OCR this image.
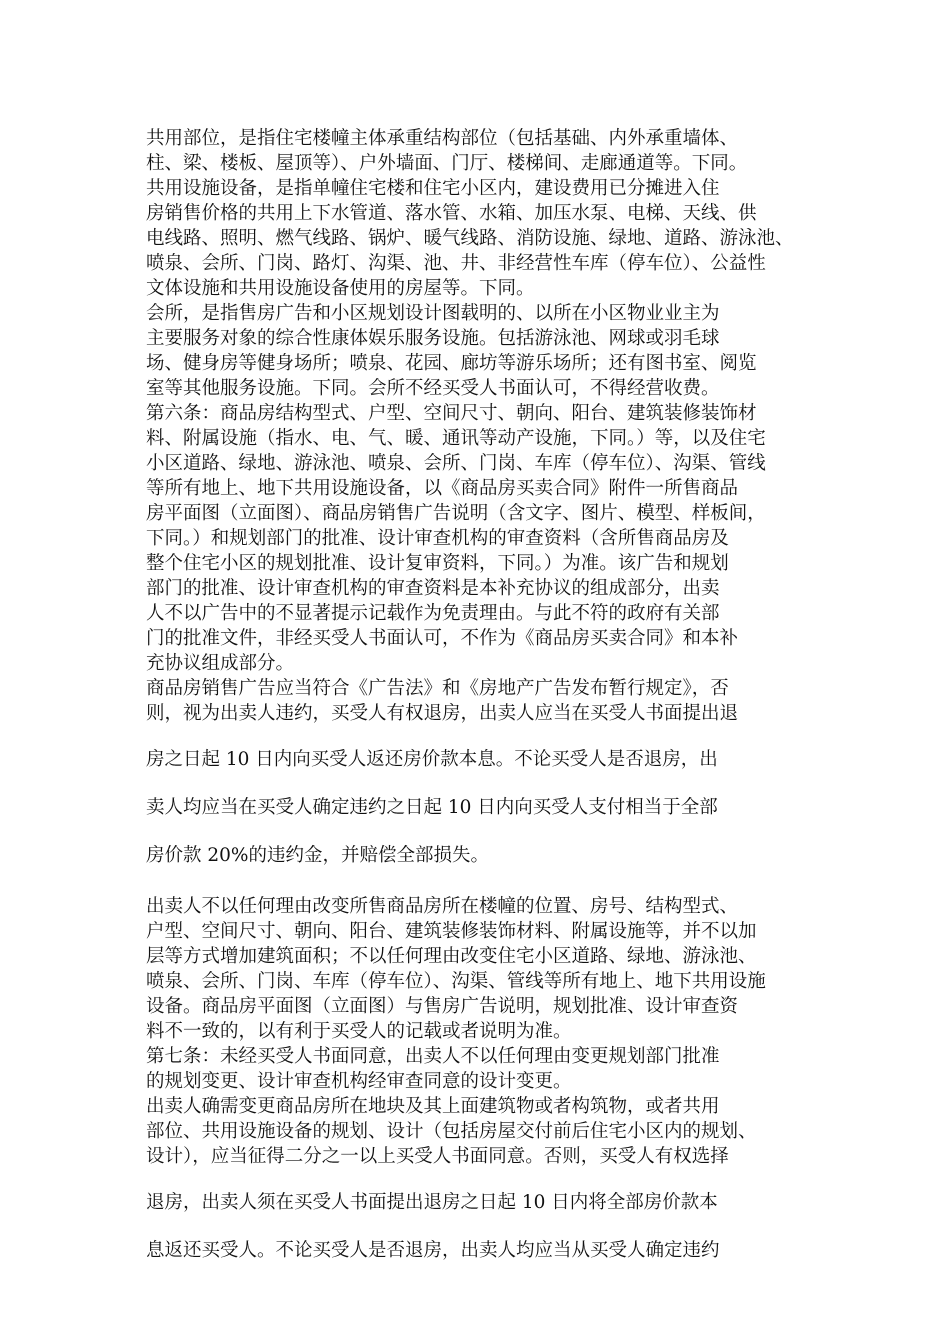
共用部位，是指住宅楼幢主体承重结构部位（包括基础、内外承重墙体、
柱、梁、楼板、屋顶等）、户外墙面、门厅、楼梯间、走廊通道等。下同。
共用设施设备，是指单幢住宅楼和住宅小区内，建设费用已分摊进入住
房销售价格的共用上下水管道、落水管、水箱、加压水泵、电梯、天线、供
电线路、照明、燃气线路、锅炉、暖气线路、消防设施、绿地、道路、游泳池、
喷泉、会所、门岗、路灯、沟渠、池、井、非经营性车库（停车位）、公益性
文体设施和共用设施设备使用的房屋等。下同。
会所，是指售房广告和小区规划设计图载明的、以所在小区物业业主为
主要服务对象的综合性康体娱乐服务设施。包括游泳池、网球或羽毛球
场、健身房等健身场所；喷泉、花园、廊坊等游乐场所；还有图书室、阅览
室等其他服务设施。下同。会所不经买受人书面认可，不得经营收费。
第六条：商品房结构型式、户型、空间尺寸、朝向、阳台、建筑装修装饰材
料、附属设施（指水、电、气、暖、通讯等动产设施，下同。）等，以及住宅
小区道路、绿地、游泳池、喷泉、会所、门岗、车库（停车位）、沟渠、管线
等所有地上、地下共用设施设备，以《商品房买卖合同》附件一所售商品
房平面图（立面图）、商品房销售广告说明（含文字、图片、模型、样板间，
下同。）和规划部门的批准、设计审查机构的审查资料（含所售商品房及
整个住宅小区的规划批准、设计复审资料，下同。）为准。该广告和规划
部门的批准、设计审查机构的审查资料是本补充协议的组成部分，出卖
人不以广告中的不显著提示记载作为免责理由。与此不符的政府有关部
门的批准文件，非经买受人书面认可，不作为《商品房买卖合同》和本补
充协议组成部分。
商品房销售广告应当符合《广告法》和《房地产广告发布暂行规定》，否
则，视为出卖人违约，买受人有权退房，出卖人应当在买受人书面提出退
房之日起 10 日内向买受人返还房价款本息。不论买受人是否退房，出
卖人均应当在买受人确定违约之日起 10 日内向买受人支付相当于全部
房价款 20%的违约金，并赔偿全部损失。
出卖人不以任何理由改变所售商品房所在楼幢的位置、房号、结构型式、
户型、空间尺寸、朝向、阳台、建筑装修装饰材料、附属设施等，并不以加
层等方式增加建筑面积；不以任何理由改变住宅小区道路、绿地、游泳池、
喷泉、会所、门岗、车库（停车位）、沟渠、管线等所有地上、地下共用设施
设备。商品房平面图（立面图）与售房广告说明，规划批准、设计审查资
料不一致的，以有利于买受人的记载或者说明为准。
第七条：未经买受人书面同意，出卖人不以任何理由变更规划部门批准
的规划变更、设计审查机构经审查同意的设计变更。
出卖人确需变更商品房所在地块及其上面建筑物或者构筑物，或者共用
部位、共用设施设备的规划、设计（包括房屋交付前后住宅小区内的规划、
设计），应当征得二分之一以上买受人书面同意。否则，买受人有权选择
退房，出卖人须在买受人书面提出退房之日起 10 日内将全部房价款本
息返还买受人。不论买受人是否退房，出卖人均应当从买受人确定违约
